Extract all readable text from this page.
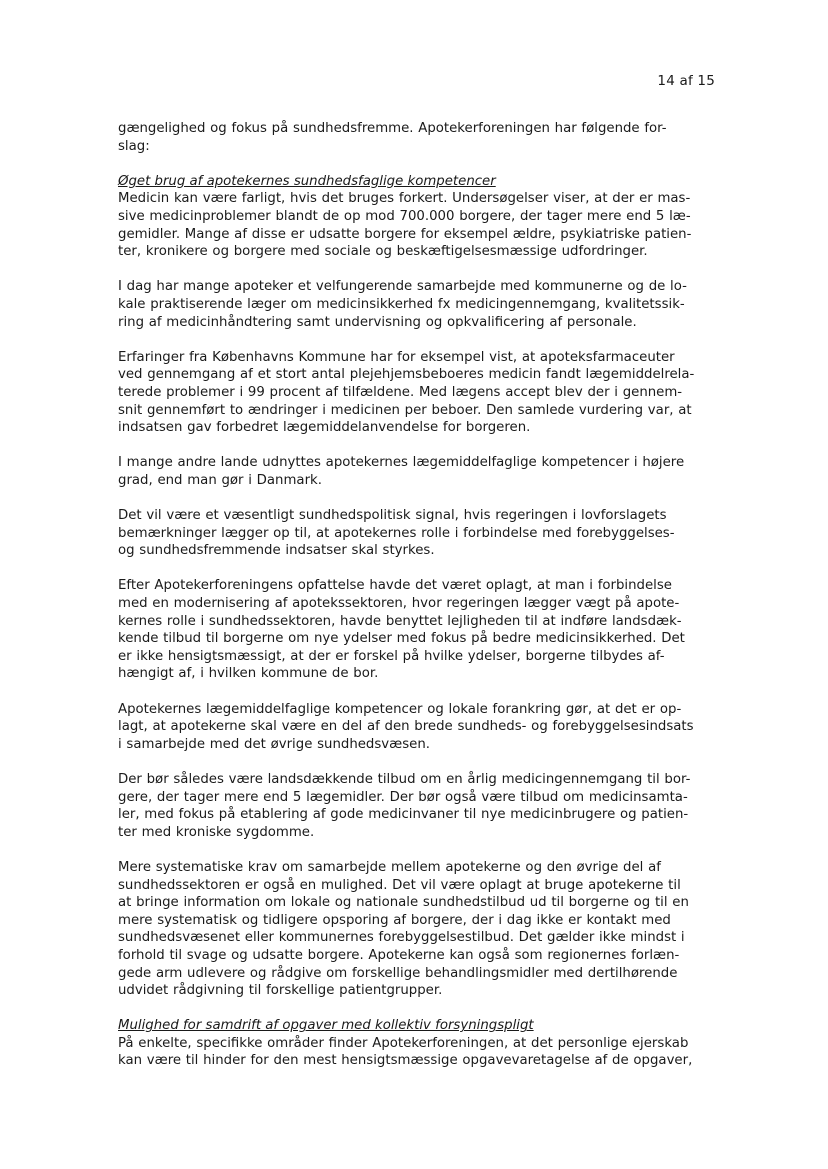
14 af 15

gængelighed og fokus på sundhedsfremme. Apotekerforeningen har følgende for-
slag:

Øget brug af apotekernes sundhedsfaglige kompetencer

Medicin kan være farligt, hvis det bruges forkert. Undersøgelser viser, at der er mas-
sive medicinproblemer blandt de op mod 700.000 borgere, der tager mere end 5 læ-
gemidler. Mange af disse er udsatte borgere for eksempel ældre, psykiatriske patien-
ter, kronikere og borgere med sociale og beskæftigelsesmæssige udfordringer.

I dag har mange apoteker et velfungerende samarbejde med kommunerne og de lo-
kale praktiserende læger om medicinsikkerhed fx medicingennemgang, kvalitetssik-
ring af medicinhåndtering samt undervisning og opkvalificering af personale.

Erfaringer fra Københavns Kommune har for eksempel vist, at apoteksfarmaceuter
ved gennemgang af et stort antal plejehjemsbeboeres medicin fandt lægemiddelrela-
terede problemer i 99 procent af tilfældene. Med lægens accept blev der i gennem-
snit gennemført to ændringer i medicinen per beboer. Den samlede vurdering var, at
indsatsen gav forbedret lægemiddelanvendelse for borgeren.

I mange andre lande udnyttes apotekernes lægemiddelfaglige kompetencer i højere
grad, end man gør i Danmark.

Det vil være et væsentligt sundhedspolitisk signal, hvis regeringen i lovforslagets
bemærkninger lægger op til, at apotekernes rolle i forbindelse med forebyggelses-
og sundhedsfremmende indsatser skal styrkes.

Efter Apotekerforeningens opfattelse havde det været oplagt, at man i forbindelse
med en modernisering af apotekssektoren, hvor regeringen lægger vægt på apote-
kernes rolle i sundhedssektoren, havde benyttet lejligheden til at indføre landsdæk-
kende tilbud til borgerne om nye ydelser med fokus på bedre medicinsikkerhed. Det
er ikke hensigtsmæssigt, at der er forskel på hvilke ydelser, borgerne tilbydes af-
hængigt af, i hvilken kommune de bor.

Apotekernes lægemiddelfaglige kompetencer og lokale forankring gør, at det er op-
lagt, at apotekerne skal være en del af den brede sundheds- og forebyggelsesindsats
i samarbejde med det øvrige sundhedsvæsen.

Der bør således være landsdækkende tilbud om en årlig medicingennemgang til bor-
gere, der tager mere end 5 lægemidler. Der bør også være tilbud om medicinsamta-
ler, med fokus på etablering af gode medicinvaner til nye medicinbrugere og patien-
ter med kroniske sygdomme.

Mere systematiske krav om samarbejde mellem apotekerne og den øvrige del af
sundhedssektoren er også en mulighed. Det vil være oplagt at bruge apotekerne til
at bringe information om lokale og nationale sundhedstilbud ud til borgerne og til en
mere systematisk og tidligere opsporing af borgere, der i dag ikke er kontakt med
sundhedsvæsenet eller kommunernes forebyggelsestilbud. Det gælder ikke mindst i
forhold til svage og udsatte borgere. Apotekerne kan også som regionernes forlæn-
gede arm udlevere og rådgive om forskellige behandlingsmidler med dertilhørende
udvidet rådgivning til forskellige patientgrupper.

Mulighed for samdrift af opgaver med kollektiv forsyningspligt

På enkelte, specifikke områder finder Apotekerforeningen, at det personlige ejerskab
kan være til hinder for den mest hensigtsmæssige opgavevaretagelse af de opgaver,
